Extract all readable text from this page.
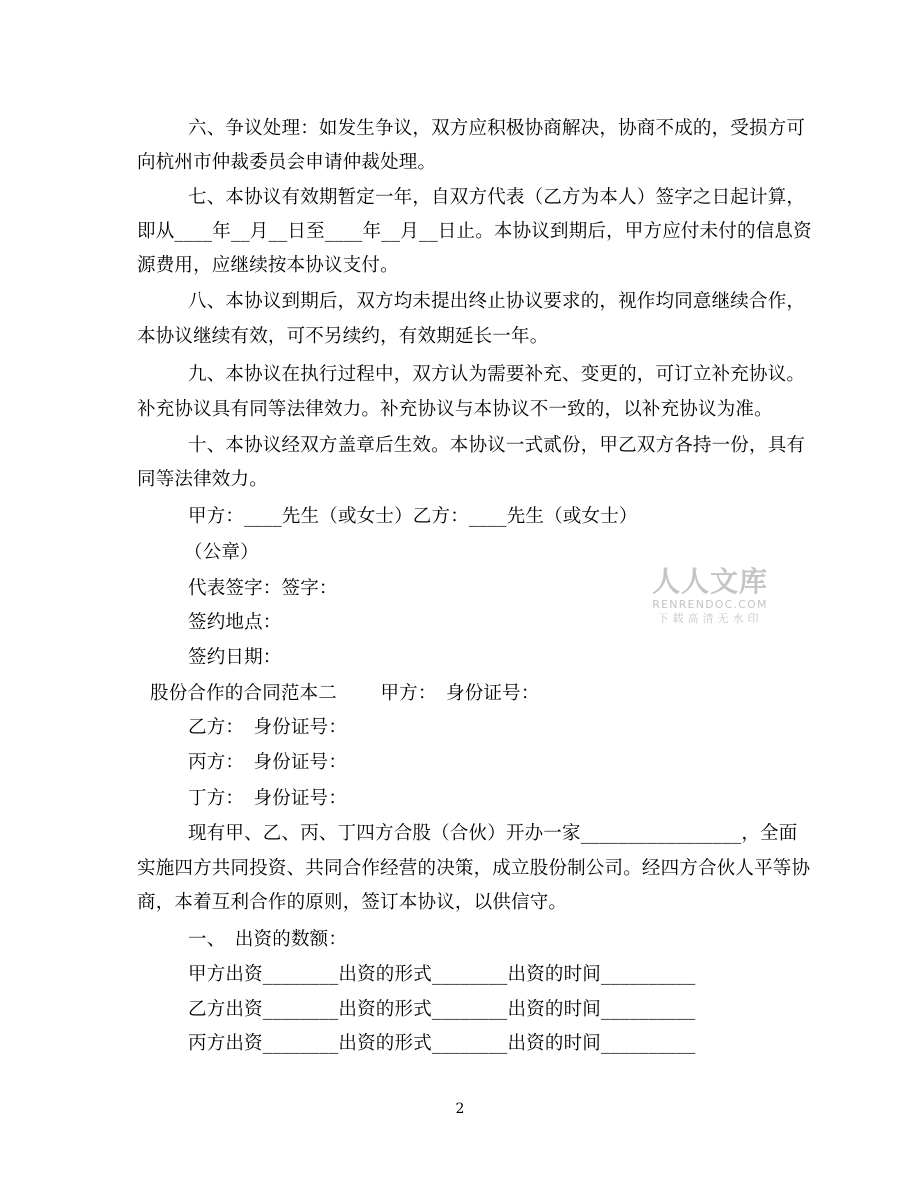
六、争议处理：如发生争议，双方应积极协商解决，协商不成的，受损方可
向杭州市仲裁委员会申请仲裁处理。
七、本协议有效期暂定一年，自双方代表（乙方为本人）签字之日起计算，
即从____年__月__日至____年__月__日止。本协议到期后，甲方应付未付的信息资
源费用，应继续按本协议支付。
八、本协议到期后，双方均未提出终止协议要求的，视作均同意继续合作，
本协议继续有效，可不另续约，有效期延长一年。
九、本协议在执行过程中，双方认为需要补充、变更的，可订立补充协议。
补充协议具有同等法律效力。补充协议与本协议不一致的，以补充协议为准。
十、本协议经双方盖章后生效。本协议一式贰份，甲乙双方各持一份，具有
同等法律效力。
甲方：____先生（或女士）乙方：____先生（或女士）
（公章）
代表签字：签字：
签约地点：
签约日期：
股份合作的合同范本二　　 甲方：　身份证号：
乙方：　身份证号：
丙方：　身份证号：
丁方：　身份证号：
现有甲、乙、丙、丁四方合股（合伙）开办一家_________________，全面
实施四方共同投资、共同合作经营的决策，成立股份制公司。经四方合伙人平等协
商，本着互利合作的原则，签订本协议，以供信守。
一、　出资的数额：
甲方出资________出资的形式________出资的时间__________
乙方出资________出资的形式________出资的时间__________
丙方出资________出资的形式________出资的时间__________
2
人人文库
RENRENDOC.COM
下载高清无水印
